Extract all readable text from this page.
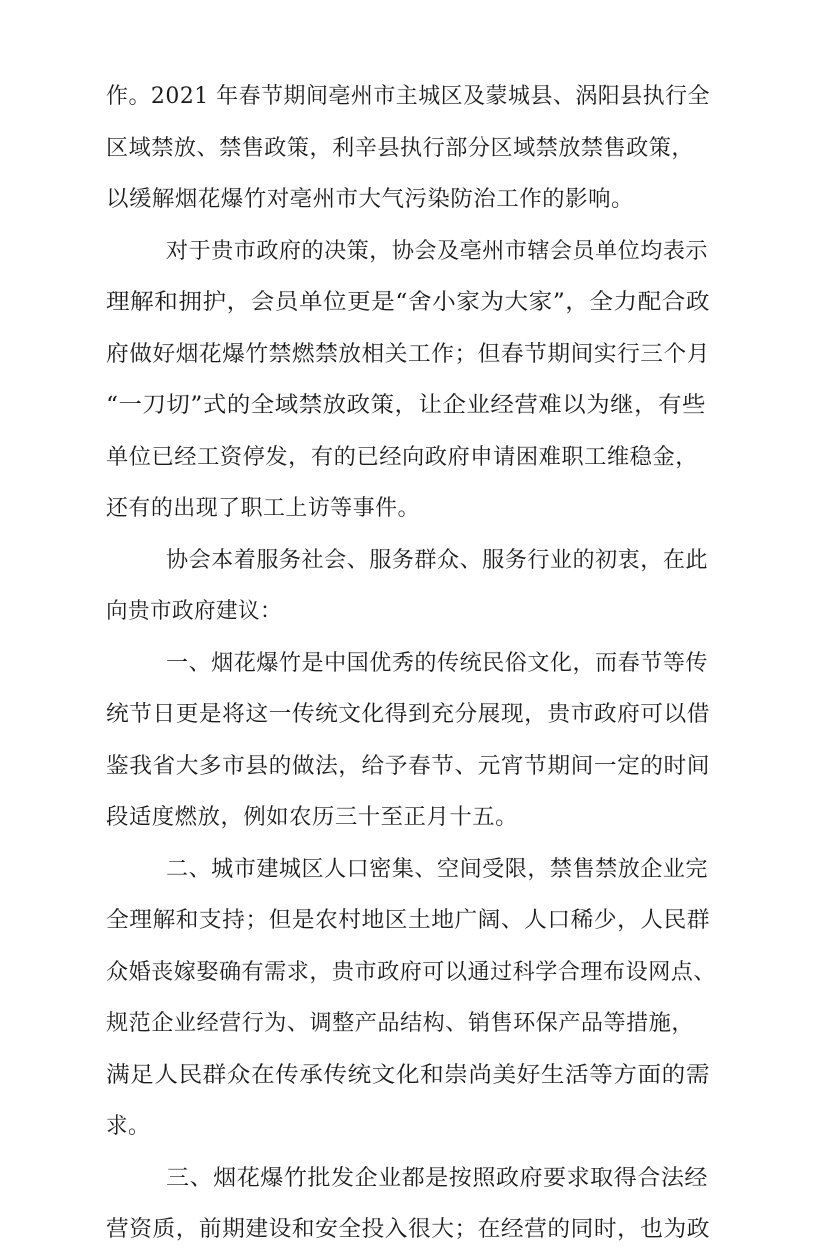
作。2021 年春节期间亳州市主城区及蒙城县、涡阳县执行全
区域禁放、禁售政策，利辛县执行部分区域禁放禁售政策，
以缓解烟花爆竹对亳州市大气污染防治工作的影响。
对于贵市政府的决策，协会及亳州市辖会员单位均表示
理解和拥护，会员单位更是“舍小家为大家”，全力配合政
府做好烟花爆竹禁燃禁放相关工作；但春节期间实行三个月
“一刀切”式的全域禁放政策，让企业经营难以为继，有些
单位已经工资停发，有的已经向政府申请困难职工维稳金，
还有的出现了职工上访等事件。
协会本着服务社会、服务群众、服务行业的初衷，在此
向贵市政府建议：
一、烟花爆竹是中国优秀的传统民俗文化，而春节等传
统节日更是将这一传统文化得到充分展现，贵市政府可以借
鉴我省大多市县的做法，给予春节、元宵节期间一定的时间
段适度燃放，例如农历三十至正月十五。
二、城市建城区人口密集、空间受限，禁售禁放企业完
全理解和支持；但是农村地区土地广阔、人口稀少，人民群
众婚丧嫁娶确有需求，贵市政府可以通过科学合理布设网点、
规范企业经营行为、调整产品结构、销售环保产品等措施，
满足人民群众在传承传统文化和崇尚美好生活等方面的需
求。
三、烟花爆竹批发企业都是按照政府要求取得合法经
营资质，前期建设和安全投入很大；在经营的同时，也为政
